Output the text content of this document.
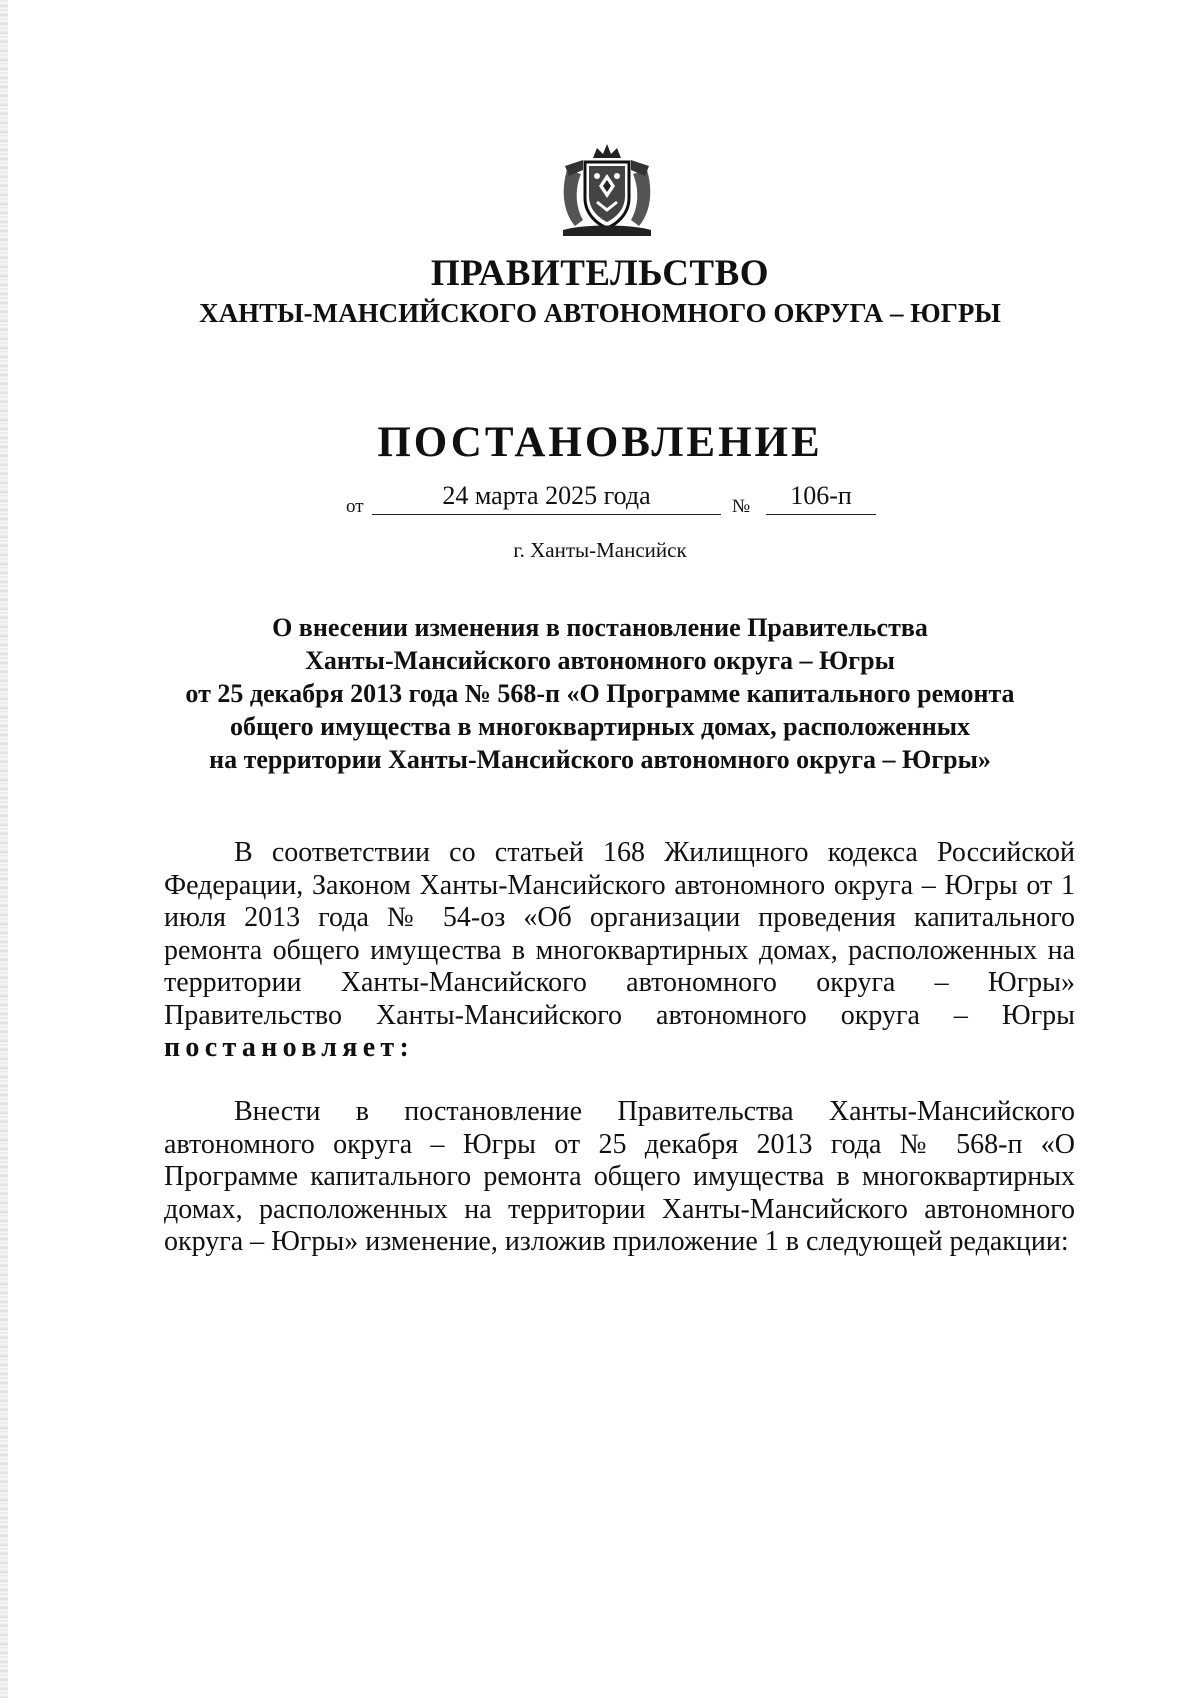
ПРАВИТЕЛЬСТВО
ХАНТЫ-МАНСИЙСКОГО АВТОНОМНОГО ОКРУГА – ЮГРЫ
ПОСТАНОВЛЕНИЕ
от	24 марта 2025 года	№	106-п
г. Ханты-Мансийск
О внесении изменения в постановление Правительства
Ханты-Мансийского автономного округа – Югры
от 25 декабря 2013 года № 568-п «О Программе капитального ремонта
общего имущества в многоквартирных домах, расположенных
на территории Ханты-Мансийского автономного округа – Югры»
В соответствии со статьей 168 Жилищного кодекса Российской Федерации, Законом Ханты-Мансийского автономного округа – Югры от 1 июля 2013 года № 54-оз «Об организации проведения капитального ремонта общего имущества в многоквартирных домах, расположенных на территории Ханты-Мансийского автономного округа – Югры» Правительство Ханты-Мансийского автономного округа – Югры постановляет:
Внести в постановление Правительства Ханты-Мансийского автономного округа – Югры от 25 декабря 2013 года № 568-п «О Программе капитального ремонта общего имущества в многоквартирных домах, расположенных на территории Ханты-Мансийского автономного округа – Югры» изменение, изложив приложение 1 в следующей редакции:
